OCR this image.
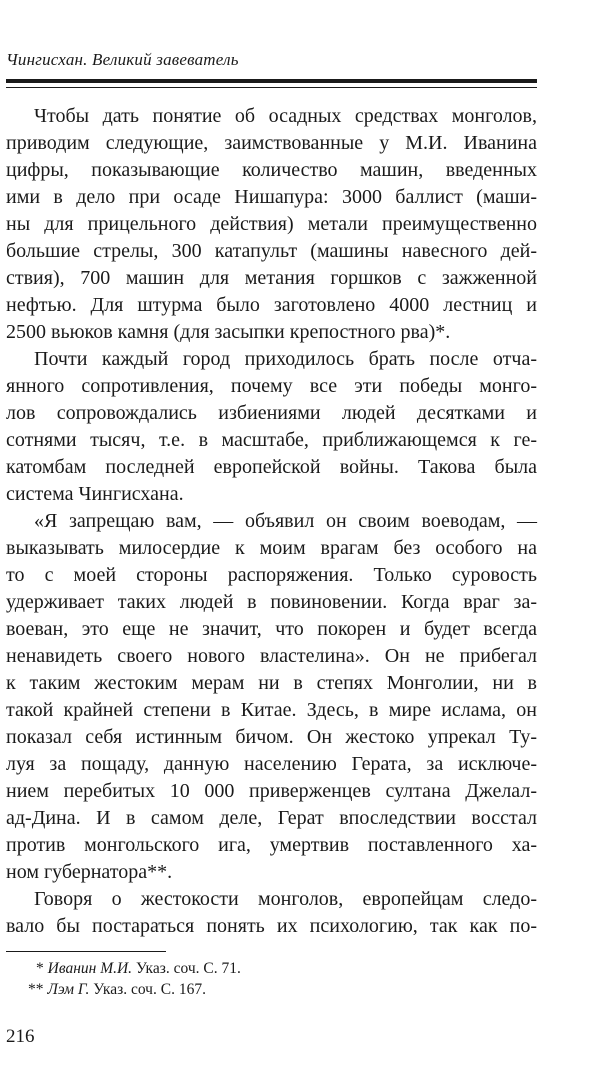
Чингисхан. Великий завеватель
Чтобы дать понятие об осадных средствах монголов,
приводим следующие, заимствованные у М.И. Иванина
цифры, показывающие количество машин, введенных
ими в дело при осаде Нишапура: 3000 баллист (маши-
ны для прицельного действия) метали преимущественно
большие стрелы, 300 катапульт (машины навесного дей-
ствия), 700 машин для метания горшков с зажженной
нефтью. Для штурма было заготовлено 4000 лестниц и
2500 вьюков камня (для засыпки крепостного рва)*.
Почти каждый город приходилось брать после отча-
янного сопротивления, почему все эти победы монго-
лов сопровождались избиениями людей десятками и
сотнями тысяч, т.е. в масштабе, приближающемся к ге-
катомбам последней европейской войны. Такова была
система Чингисхана.
«Я запрещаю вам, — объявил он своим воеводам, —
выказывать милосердие к моим врагам без особого на
то с моей стороны распоряжения. Только суровость
удерживает таких людей в повиновении. Когда враг за-
воеван, это еще не значит, что покорен и будет всегда
ненавидеть своего нового властелина». Он не прибегал
к таким жестоким мерам ни в степях Монголии, ни в
такой крайней степени в Китае. Здесь, в мире ислама, он
показал себя истинным бичом. Он жестоко упрекал Ту-
луя за пощаду, данную населению Герата, за исключе-
нием перебитых 10 000 приверженцев султана Джелал-
ад-Дина. И в самом деле, Герат впоследствии восстал
против монгольского ига, умертвив поставленного ха-
ном губернатора**.
Говоря о жестокости монголов, европейцам следо-
вало бы постараться понять их психологию, так как по-
* Иванин М.И. Указ. соч. С. 71.
** Лэм Г. Указ. соч. С. 167.
216
